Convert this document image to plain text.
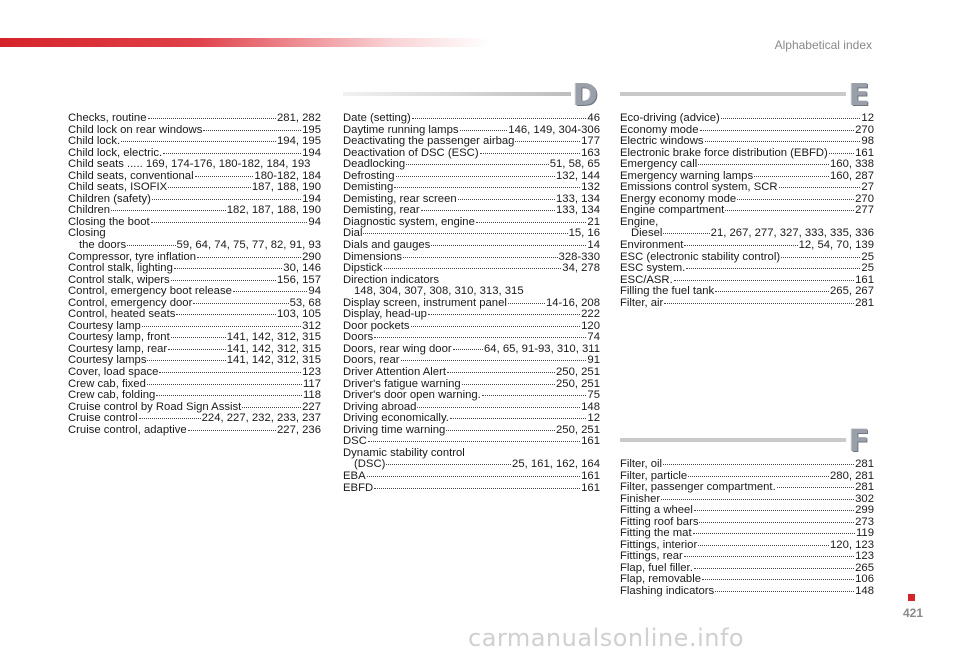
Alphabetical index
D	E
F
Checks, routine	281, 282
Child lock on rear windows	195
Child lock.	194, 195
Child lock, electric.	194
Child seats ..... 169, 174-176, 180-182, 184, 193
Child seats, conventional	180-182, 184
Child seats, ISOFIX	187, 188, 190
Children (safety)	194
Children	182, 187, 188, 190
Closing the boot	94
Closing
the doors	59, 64, 74, 75, 77, 82, 91, 93
Compressor, tyre inflation	290
Control stalk, lighting	30, 146
Control stalk, wipers	156, 157
Control, emergency boot release	94
Control, emergency door	53, 68
Control, heated seats	103, 105
Courtesy lamp	312
Courtesy lamp, front	141, 142, 312, 315
Courtesy lamp, rear	141, 142, 312, 315
Courtesy lamps	141, 142, 312, 315
Cover, load space	123
Crew cab, fixed	117
Crew cab, folding	118
Cruise control by Road Sign Assist	227
Cruise control	224, 227, 232, 233, 237
Cruise control, adaptive	227, 236
Date (setting)	46
Daytime running lamps	146, 149, 304-306
Deactivating the passenger airbag	177
Deactivation of DSC (ESC)	163
Deadlocking	51, 58, 65
Defrosting	132, 144
Demisting	132
Demisting, rear screen	133, 134
Demisting, rear	133, 134
Diagnostic system, engine	21
Dial	15, 16
Dials and gauges	14
Dimensions	328-330
Dipstick	34, 278
Direction indicators
148, 304, 307, 308, 310, 313, 315
Display screen, instrument panel	14-16, 208
Display, head-up	222
Door pockets	120
Doors	74
Doors, rear wing door	64, 65, 91-93, 310, 311
Doors, rear	91
Driver Attention Alert	250, 251
Driver's fatigue warning	250, 251
Driver's door open warning.	75
Driving abroad	148
Driving economically.	12
Driving time warning	250, 251
DSC	161
Dynamic stability control
(DSC)	25, 161, 162, 164
EBA	161
EBFD	161
Eco-driving (advice)	12
Economy mode	270
Electric windows	98
Electronic brake force distribution (EBFD) 161
Emergency call	160, 338
Emergency warning lamps	160, 287
Emissions control system, SCR	27
Energy economy mode	270
Engine compartment	277
Engine,
Diesel	21, 267, 277, 327, 333, 335, 336
Environment	12, 54, 70, 139
ESC (electronic stability control)	25
ESC system.	25
ESC/ASR.	161
Filling the fuel tank	265, 267
Filter, air	281
Filter, oil	281
Filter, particle	280, 281
Filter, passenger compartment.	281
Finisher	302
Fitting a wheel	299
Fitting roof bars	273
Fitting the mat	119
Fittings, interior	120, 123
Fittings, rear	123
Flap, fuel filler.	265
Flap, removable	106
Flashing indicators	148
421
carmanualsonline.info
